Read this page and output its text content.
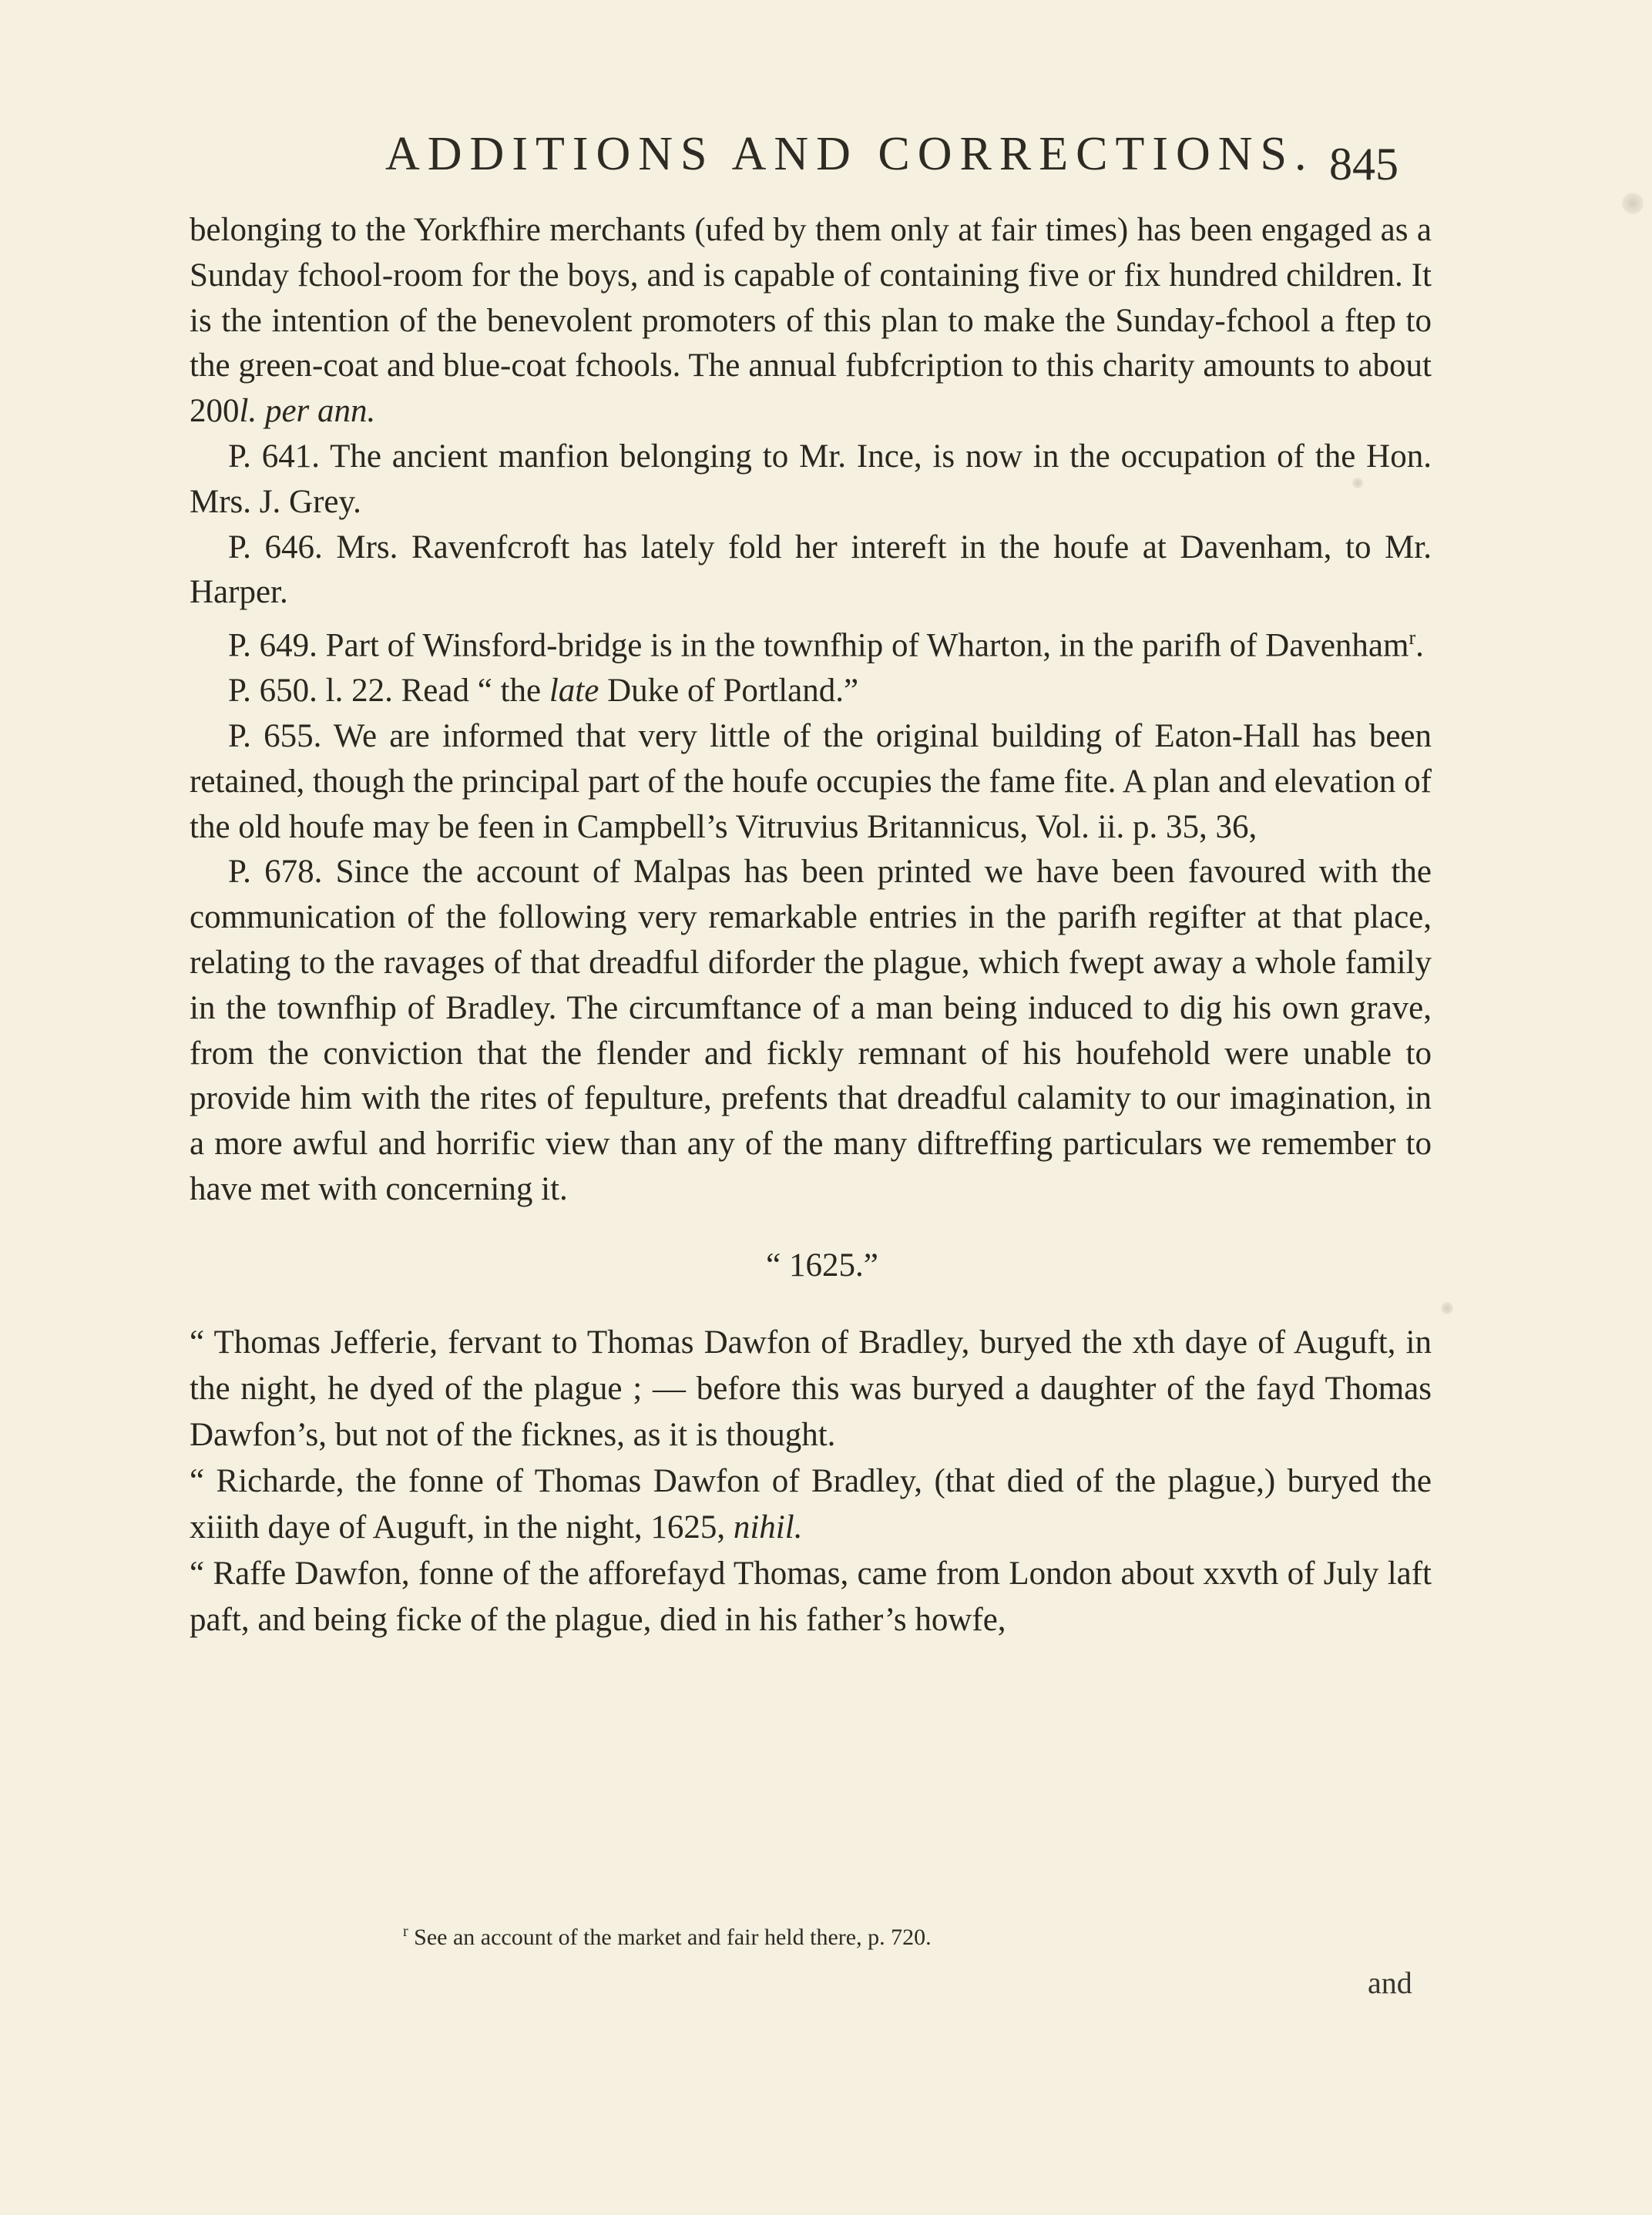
ADDITIONS AND CORRECTIONS. 845

belonging to the Yorkfhire merchants (ufed by them only at fair times) has been engaged as a Sunday fchool-room for the boys, and is capable of containing five or fix hundred children. It is the intention of the benevolent promoters of this plan to make the Sunday-fchool a ftep to the green-coat and blue-coat fchools. The annual fubfcription to this charity amounts to about 200l. per ann.

P. 641. The ancient manfion belonging to Mr. Ince, is now in the occupation of the Hon. Mrs. J. Grey.

P. 646. Mrs. Ravenfcroft has lately fold her intereft in the houfe at Davenham, to Mr. Harper.

P. 649. Part of Winsford-bridge is in the townfhip of Wharton, in the parifh of Davenham$^r$.

P. 650. l. 22. Read “ the late Duke of Portland.”

P. 655. We are informed that very little of the original building of Eaton-Hall has been retained, though the principal part of the houfe occupies the fame fite. A plan and elevation of the old houfe may be feen in Campbell’s Vitruvius Britannicus, Vol. ii. p. 35, 36,

P. 678. Since the account of Malpas has been printed we have been favoured with the communication of the following very remarkable entries in the parifh regifter at that place, relating to the ravages of that dreadful diforder the plague, which fwept away a whole family in the townfhip of Bradley. The circumftance of a man being induced to dig his own grave, from the conviction that the flender and fickly remnant of his houfehold were unable to provide him with the rites of fepulture, prefents that dreadful calamity to our imagination, in a more awful and horrific view than any of the many diftreffing particulars we remember to have met with concerning it.

“ 1625.”

“ Thomas Jefferie, fervant to Thomas Dawfon of Bradley, buryed the xth daye of Auguft, in the night, he dyed of the plague ; — before this was buryed a daughter of the fayd Thomas Dawfon’s, but not of the ficknes, as it is thought.

“ Richarde, the fonne of Thomas Dawfon of Bradley, (that died of the plague,) buryed the xiiith daye of Auguft, in the night, 1625, nihil.

“ Raffe Dawfon, fonne of the afforefayd Thomas, came from London about xxvth of July laft paft, and being ficke of the plague, died in his father’s howfe,

$^r$ See an account of the market and fair held there, p. 720.
and
